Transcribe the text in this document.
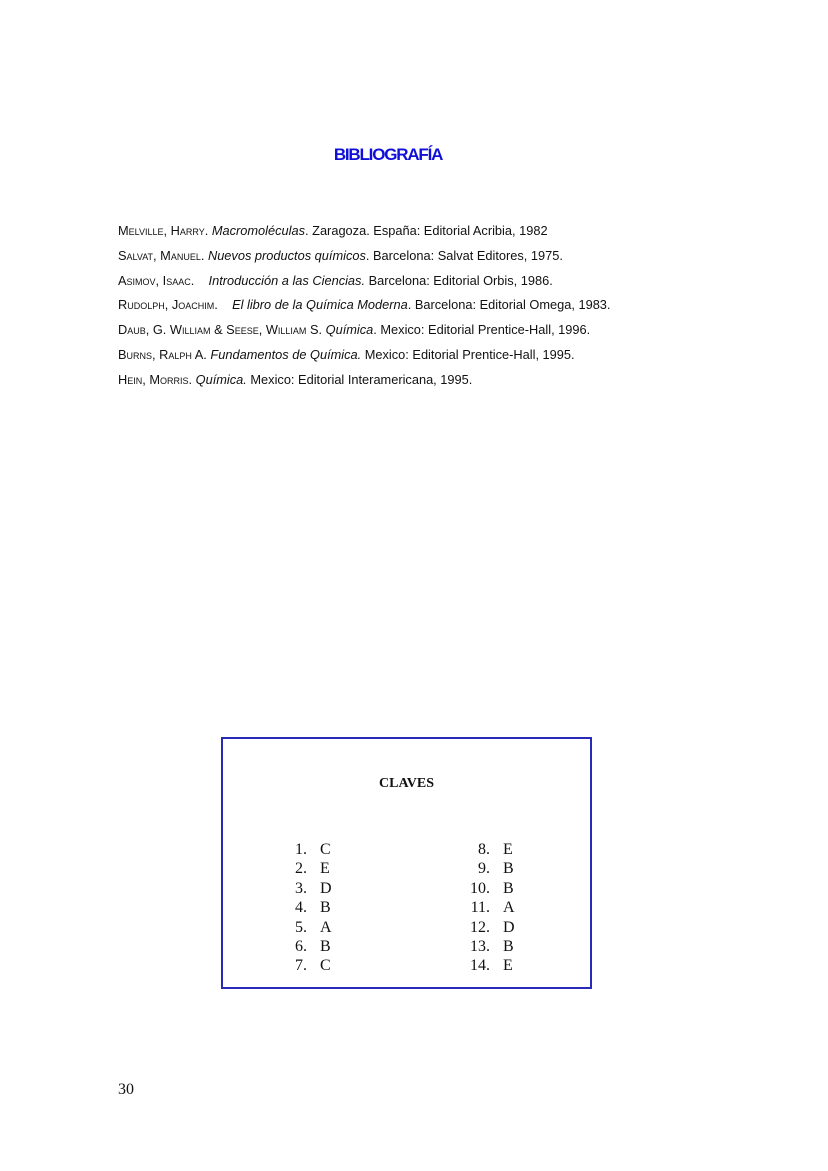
BIBLIOGRAFÍA
Melville, Harry. Macromoléculas. Zaragoza. España: Editorial Acribia, 1982
Salvat, Manuel. Nuevos productos químicos. Barcelona: Salvat Editores, 1975.
Asimov, Isaac. Introducción a las Ciencias. Barcelona: Editorial Orbis, 1986.
Rudolph, Joachim. El libro de la Química Moderna. Barcelona: Editorial Omega, 1983.
Daub, G. William & Seese, William S. Química. Mexico: Editorial Prentice-Hall, 1996.
Burns, Ralph A. Fundamentos de Química. Mexico: Editorial Prentice-Hall, 1995.
Hein, Morris. Química. Mexico: Editorial Interamericana, 1995.
CLAVES
1. C
2. E
3. D
4. B
5. A
6. B
7. C
8. E
9. B
10. B
11. A
12. D
13. B
14. E
30
